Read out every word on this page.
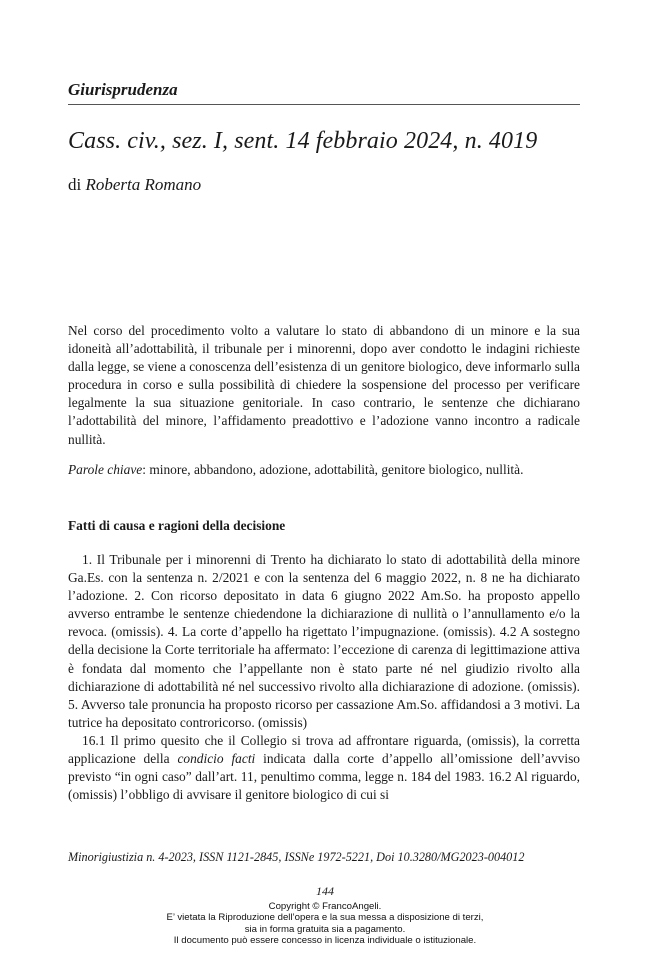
Giurisprudenza
Cass. civ., sez. I, sent. 14 febbraio 2024, n. 4019
di Roberta Romano

Nel corso del procedimento volto a valutare lo stato di abbandono di un minore e la sua idoneità all’adottabilità, il tribunale per i minorenni, dopo aver condotto le indagini richieste dalla legge, se viene a conoscenza dell’esistenza di un genitore biologico, deve informarlo sulla procedura in corso e sulla possibilità di chiedere la sospensione del processo per verificare legalmente la sua situazione genitoriale. In caso contrario, le sentenze che dichiarano l’adottabilità del minore, l’affidamento preadottivo e l’adozione vanno incontro a radicale nullità.

Parole chiave: minore, abbandono, adozione, adottabilità, genitore biologico, nullità.
Fatti di causa e ragioni della decisione

1. Il Tribunale per i minorenni di Trento ha dichiarato lo stato di adottabilità della minore Ga.Es. con la sentenza n. 2/2021 e con la sentenza del 6 maggio 2022, n. 8 ne ha dichiarato l’adozione. 2. Con ricorso depositato in data 6 giugno 2022 Am.So. ha proposto appello avverso entrambe le sentenze chiedendone la dichiarazione di nullità o l’annullamento e/o la revoca. (omissis). 4. La corte d’appello ha rigettato l’impugnazione. (omissis). 4.2 A sostegno della decisione la Corte territoriale ha affermato: l’eccezione di carenza di legittimazione attiva è fondata dal momento che l’appellante non è stato parte né nel giudizio rivolto alla dichiarazione di adottabilità né nel successivo rivolto alla dichiarazione di adozione. (omissis). 5. Avverso tale pronuncia ha proposto ricorso per cassazione Am.So. affidandosi a 3 motivi. La tutrice ha depositato controricorso. (omissis)

16.1 Il primo quesito che il Collegio si trova ad affrontare riguarda, (omissis), la corretta applicazione della condicio facti indicata dalla corte d’appello all’omissione dell’avviso previsto “in ogni caso” dall’art. 11, penultimo comma, legge n. 184 del 1983. 16.2 Al riguardo, (omissis) l’obbligo di avvisare il genitore biologico di cui si

Minorigiustizia n. 4-2023, ISSN 1121-2845, ISSNe 1972-5221, Doi 10.3280/MG2023-004012
144
Copyright © FrancoAngeli.
E’ vietata la Riproduzione dell’opera e la sua messa a disposizione di terzi,
sia in forma gratuita sia a pagamento.
Il documento può essere concesso in licenza individuale o istituzionale.
